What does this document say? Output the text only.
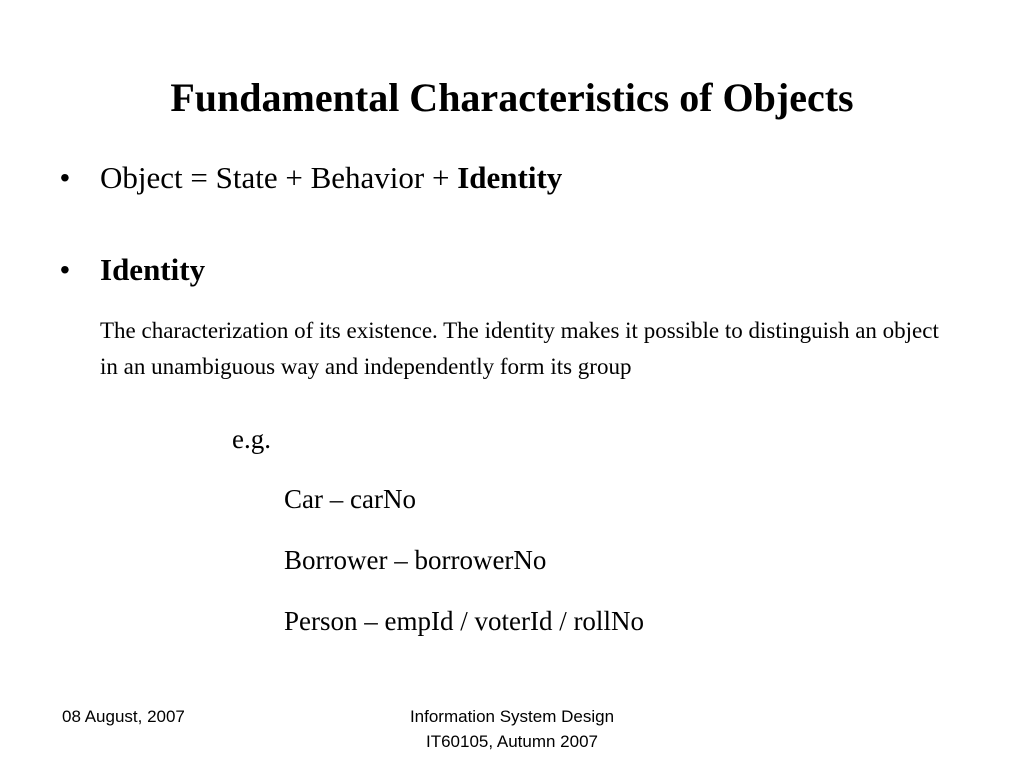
Fundamental Characteristics of Objects
• Object = State + Behavior + Identity
• Identity
The characterization of its existence. The identity makes it possible to distinguish an object in an unambiguous way and independently form its group
e.g.
Car – carNo
Borrower – borrowerNo
Person – empId / voterId / rollNo
08 August, 2007	Information System Design
IT60105, Autumn 2007
